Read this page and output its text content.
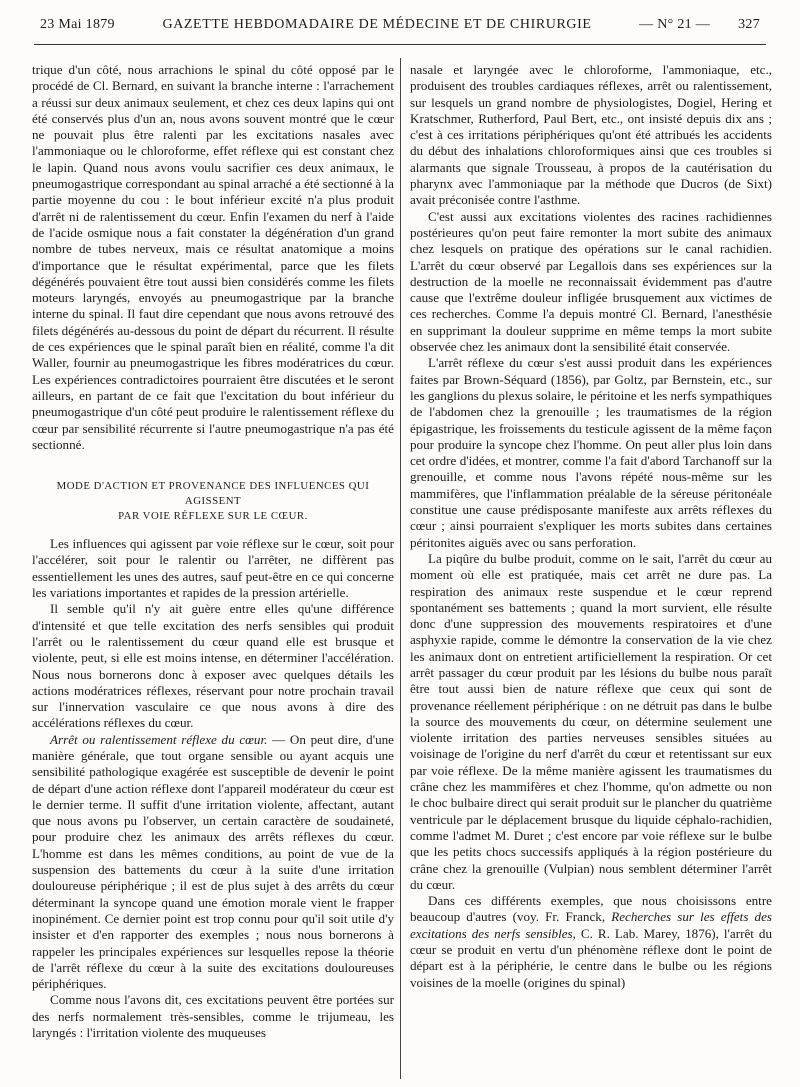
23 Mai 1879	GAZETTE HEBDOMADAIRE DE MÉDECINE ET DE CHIRURGIE	— N° 21 — 327

trique d'un côté, nous arrachions le spinal du côté opposé par le procédé de Cl. Bernard, en suivant la branche interne : l'arrachement a réussi sur deux animaux seulement, et chez ces deux lapins qui ont été conservés plus d'un an, nous avons souvent montré que le cœur ne pouvait plus être ralenti par les excitations nasales avec l'ammoniaque ou le chloroforme, effet réflexe qui est constant chez le lapin. Quand nous avons voulu sacrifier ces deux animaux, le pneumogastrique correspondant au spinal arraché a été sectionné à la partie moyenne du cou : le bout inférieur excité n'a plus produit d'arrêt ni de ralentissement du cœur. Enfin l'examen du nerf à l'aide de l'acide osmique nous a fait constater la dégénération d'un grand nombre de tubes nerveux, mais ce résultat anatomique a moins d'importance que le résultat expérimental, parce que les filets dégénérés pouvaient être tout aussi bien considérés comme les filets moteurs laryngés, envoyés au pneumogastrique par la branche interne du spinal. Il faut dire cependant que nous avons retrouvé des filets dégénérés au-dessous du point de départ du récurrent. Il résulte de ces expériences que le spinal paraît bien en réalité, comme l'a dit Waller, fournir au pneumogastrique les fibres modératrices du cœur. Les expériences contradictoires pourraient être discutées et le seront ailleurs, en partant de ce fait que l'excitation du bout inférieur du pneumogastrique d'un côté peut produire le ralentissement réflexe du cœur par sensibilité récurrente si l'autre pneumogastrique n'a pas été sectionné.

MODE D'ACTION ET PROVENANCE DES INFLUENCES QUI AGISSENT
PAR VOIE RÉFLEXE SUR LE CŒUR.

Les influences qui agissent par voie réflexe sur le cœur, soit pour l'accélérer, soit pour le ralentir ou l'arrêter, ne diffèrent pas essentiellement les unes des autres, sauf peut-être en ce qui concerne les variations importantes et rapides de la pression artérielle.

Il semble qu'il n'y ait guère entre elles qu'une différence d'intensité et que telle excitation des nerfs sensibles qui produit l'arrêt ou le ralentissement du cœur quand elle est brusque et violente, peut, si elle est moins intense, en déterminer l'accélération. Nous nous bornerons donc à exposer avec quelques détails les actions modératrices réflexes, réservant pour notre prochain travail sur l'innervation vasculaire ce que nous avons à dire des accélérations réflexes du cœur.

Arrêt ou ralentissement réflexe du cœur. — On peut dire, d'une manière générale, que tout organe sensible ou ayant acquis une sensibilité pathologique exagérée est susceptible de devenir le point de départ d'une action réflexe dont l'appareil modérateur du cœur est le dernier terme. Il suffit d'une irritation violente, affectant, autant que nous avons pu l'observer, un certain caractère de soudaineté, pour produire chez les animaux des arrêts réflexes du cœur. L'homme est dans les mêmes conditions, au point de vue de la suspension des battements du cœur à la suite d'une irritation douloureuse périphérique ; il est de plus sujet à des arrêts du cœur déterminant la syncope quand une émotion morale vient le frapper inopinément. Ce dernier point est trop connu pour qu'il soit utile d'y insister et d'en rapporter des exemples ; nous nous bornerons à rappeler les principales expériences sur lesquelles repose la théorie de l'arrêt réflexe du cœur à la suite des excitations douloureuses périphériques.

Comme nous l'avons dit, ces excitations peuvent être portées sur des nerfs normalement très-sensibles, comme le trijumeau, les laryngés : l'irritation violente des muqueuses

nasale et laryngée avec le chloroforme, l'ammoniaque, etc., produisent des troubles cardiaques réflexes, arrêt ou ralentissement, sur lesquels un grand nombre de physiologistes, Dogiel, Hering et Kratschmer, Rutherford, Paul Bert, etc., ont insisté depuis dix ans ; c'est à ces irritations périphériques qu'ont été attribués les accidents du début des inhalations chloroformiques ainsi que ces troubles si alarmants que signale Trousseau, à propos de la cautérisation du pharynx avec l'ammoniaque par la méthode que Ducros (de Sixt) avait préconisée contre l'asthme.

C'est aussi aux excitations violentes des racines rachidiennes postérieures qu'on peut faire remonter la mort subite des animaux chez lesquels on pratique des opérations sur le canal rachidien. L'arrêt du cœur observé par Legallois dans ses expériences sur la destruction de la moelle ne reconnaissait évidemment pas d'autre cause que l'extrême douleur infligée brusquement aux victimes de ces recherches. Comme l'a depuis montré Cl. Bernard, l'anesthésie en supprimant la douleur supprime en même temps la mort subite observée chez les animaux dont la sensibilité était conservée.

L'arrêt réflexe du cœur s'est aussi produit dans les expériences faites par Brown-Séquard (1856), par Goltz, par Bernstein, etc., sur les ganglions du plexus solaire, le péritoine et les nerfs sympathiques de l'abdomen chez la grenouille ; les traumatismes de la région épigastrique, les froissements du testicule agissent de la même façon pour produire la syncope chez l'homme. On peut aller plus loin dans cet ordre d'idées, et montrer, comme l'a fait d'abord Tarchanoff sur la grenouille, et comme nous l'avons répété nous-même sur les mammifères, que l'inflammation préalable de la séreuse péritonéale constitue une cause prédisposante manifeste aux arrêts réflexes du cœur ; ainsi pourraient s'expliquer les morts subites dans certaines péritonites aiguës avec ou sans perforation.

La piqûre du bulbe produit, comme on le sait, l'arrêt du cœur au moment où elle est pratiquée, mais cet arrêt ne dure pas. La respiration des animaux reste suspendue et le cœur reprend spontanément ses battements ; quand la mort survient, elle résulte donc d'une suppression des mouvements respiratoires et d'une asphyxie rapide, comme le démontre la conservation de la vie chez les animaux dont on entretient artificiellement la respiration. Or cet arrêt passager du cœur produit par les lésions du bulbe nous paraît être tout aussi bien de nature réflexe que ceux qui sont de provenance réellement périphérique : on ne détruit pas dans le bulbe la source des mouvements du cœur, on détermine seulement une violente irritation des parties nerveuses sensibles situées au voisinage de l'origine du nerf d'arrêt du cœur et retentissant sur eux par voie réflexe. De la même manière agissent les traumatismes du crâne chez les mammifères et chez l'homme, qu'on admette ou non le choc bulbaire direct qui serait produit sur le plancher du quatrième ventricule par le déplacement brusque du liquide céphalo-rachidien, comme l'admet M. Duret ; c'est encore par voie réflexe sur le bulbe que les petits chocs successifs appliqués à la région postérieure du crâne chez la grenouille (Vulpian) nous semblent déterminer l'arrêt du cœur.

Dans ces différents exemples, que nous choisissons entre beaucoup d'autres (voy. Fr. Franck, Recherches sur les effets des excitations des nerfs sensibles, C. R. Lab. Marey, 1876), l'arrêt du cœur se produit en vertu d'un phénomène réflexe dont le point de départ est à la périphérie, le centre dans le bulbe ou les régions voisines de la moelle (origines du spinal)
